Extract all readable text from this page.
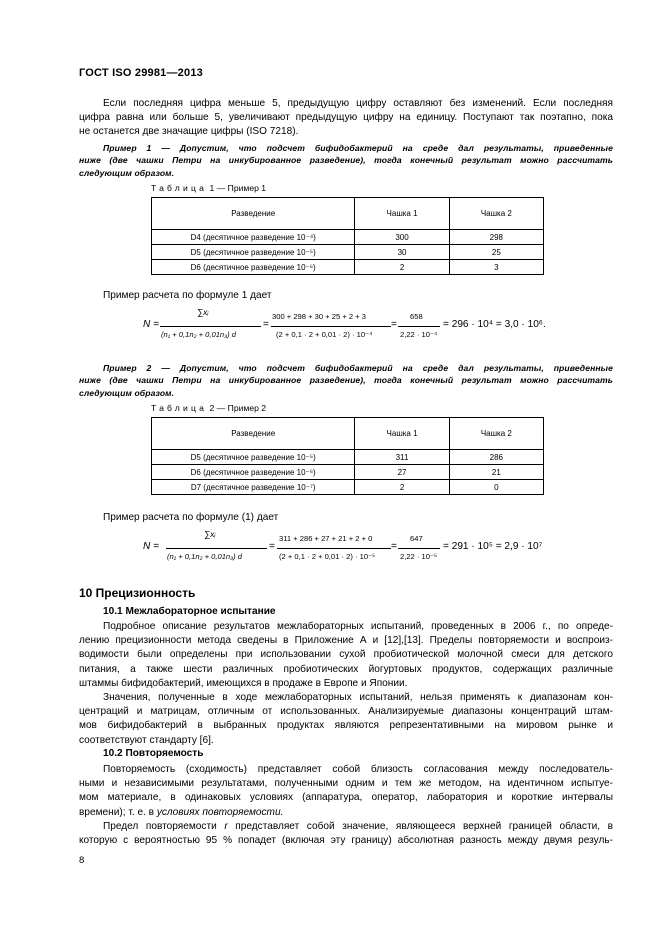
ГОСТ ISO 29981—2013
Если последняя цифра меньше 5, предыдущую цифру оставляют без изменений. Если последняя
цифра равна или больше 5, увеличивают предыдущую цифру на единицу. Поступают так поэтапно, пока
не останется две значащие цифры (ISO 7218).
Пример 1 — Допустим, что подсчет бифидобактерий на среде дал результаты, приведенные
ниже (две чашки Петри на инкубированное разведение), тогда конечный результат можно рассчитать
следующим образом.
Таблица 1 — Пример 1
Разведение	Чашка 1	Чашка 2
D4 (десятичное разведение 10⁻⁴)	300	298
D5 (десятичное разведение 10⁻⁵)	30	25
D6 (десятичное разведение 10⁻⁶)	2	3
Пример расчета по формуле 1 дает
N =
∑xᵢ
(n₁ + 0,1n₂ + 0,01n₃) d
=
300 + 298 + 30 + 25 + 2 + 3
(2 + 0,1 · 2 + 0,01 · 2) · 10⁻⁴
=
658
2,22 · 10⁻⁴
= 296 · 10⁴ = 3,0 · 10⁶.
Пример 2 — Допустим, что подсчет бифидобактерий на среде дал результаты, приведенные
ниже (две чашки Петри на инкубированное разведение), тогда конечный результат можно рассчитать
следующим образом.
Таблица 2 — Пример 2
Разведение	Чашка 1	Чашка 2
D5 (десятичное разведение 10⁻⁵)	311	286
D6 (десятичное разведение 10⁻⁶)	27	21
D7 (десятичное разведение 10⁻⁷)	2	0
Пример расчета по формуле (1) дает
N =
∑xᵢ
(n₁ + 0,1n₂ + 0,01n₃) d
=
311 + 286 + 27 + 21 + 2 + 0
(2 + 0,1 · 2 + 0,01 · 2) · 10⁻⁵
=
647
2,22 · 10⁻⁵
= 291 · 10⁵ = 2,9 · 10⁷
10 Прецизионность
10.1 Межлабораторное испытание
Подробное описание результатов межлабораторных испытаний, проведенных в 2006 г., по опреде-
лению прецизионности метода сведены в Приложение А и [12],[13]. Пределы повторяемости и воспроиз-
водимости были определены при использовании сухой пробиотической молочной смеси для детского
питания, а также шести различных пробиотических йогуртовых продуктов, содержащих различные
штаммы бифидобактерий, имеющихся в продаже в Европе и Японии.
Значения, полученные в ходе межлабораторных испытаний, нельзя применять к диапазонам кон-
центраций и матрицам, отличным от использованных. Анализируемые диапазоны концентраций штам-
мов бифидобактерий в выбранных продуктах являются репрезентативными на мировом рынке и
соответствуют стандарту [6].
10.2 Повторяемость
Повторяемость (сходимость) представляет собой близость согласования между последователь-
ными и независимыми результатами, полученными одним и тем же методом, на идентичном испытуе-
мом материале, в одинаковых условиях (аппаратура, оператор, лаборатория и короткие интервалы
времени); т. е. в условиях повторяемости.
Предел повторяемости r представляет собой значение, являющееся верхней границей области, в
которую с вероятностью 95 % попадет (включая эту границу) абсолютная разность между двумя резуль-
8
